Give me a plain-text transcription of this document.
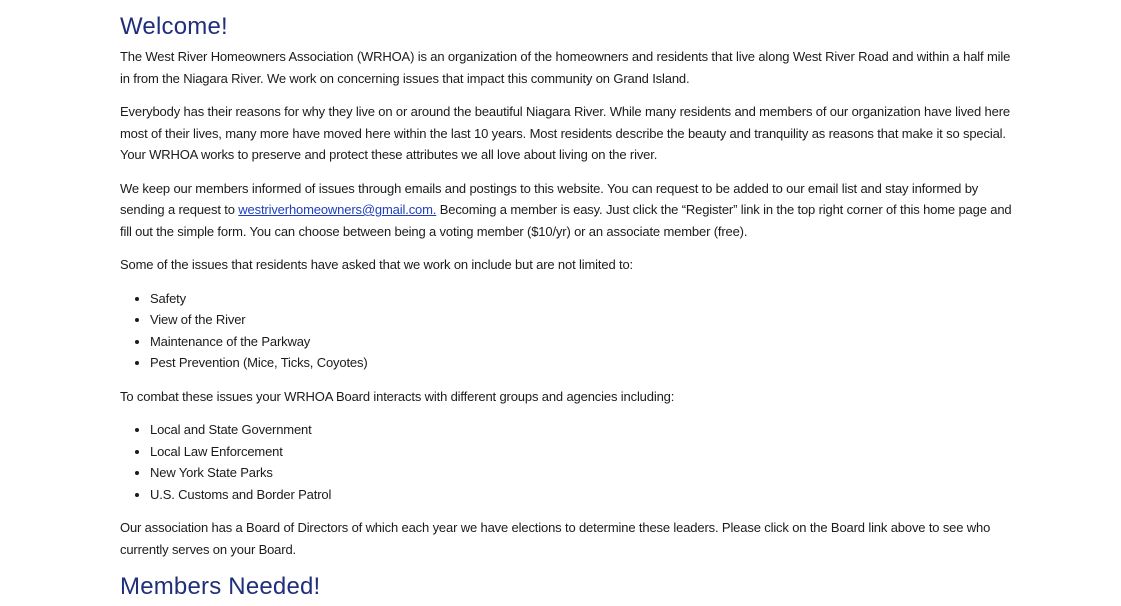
Welcome!

The West River Homeowners Association (WRHOA) is an organization of the homeowners and residents that live along West River Road and within a half mile in from the Niagara River. We work on concerning issues that impact this community on Grand Island.

Everybody has their reasons for why they live on or around the beautiful Niagara River. While many residents and members of our organization have lived here most of their lives, many more have moved here within the last 10 years. Most residents describe the beauty and tranquility as reasons that make it so special. Your WRHOA works to preserve and protect these attributes we all love about living on the river.

We keep our members informed of issues through emails and postings to this website. You can request to be added to our email list and stay informed by sending a request to westriverhomeowners@gmail.com. Becoming a member is easy. Just click the “Register” link in the top right corner of this home page and fill out the simple form. You can choose between being a voting member ($10/yr) or an associate member (free).

Some of the issues that residents have asked that we work on include but are not limited to:

• Safety
• View of the River
• Maintenance of the Parkway
• Pest Prevention (Mice, Ticks, Coyotes)

To combat these issues your WRHOA Board interacts with different groups and agencies including:

• Local and State Government
• Local Law Enforcement
• New York State Parks
• U.S. Customs and Border Patrol

Our association has a Board of Directors of which each year we have elections to determine these leaders. Please click on the Board link above to see who currently serves on your Board.

Members Needed!
